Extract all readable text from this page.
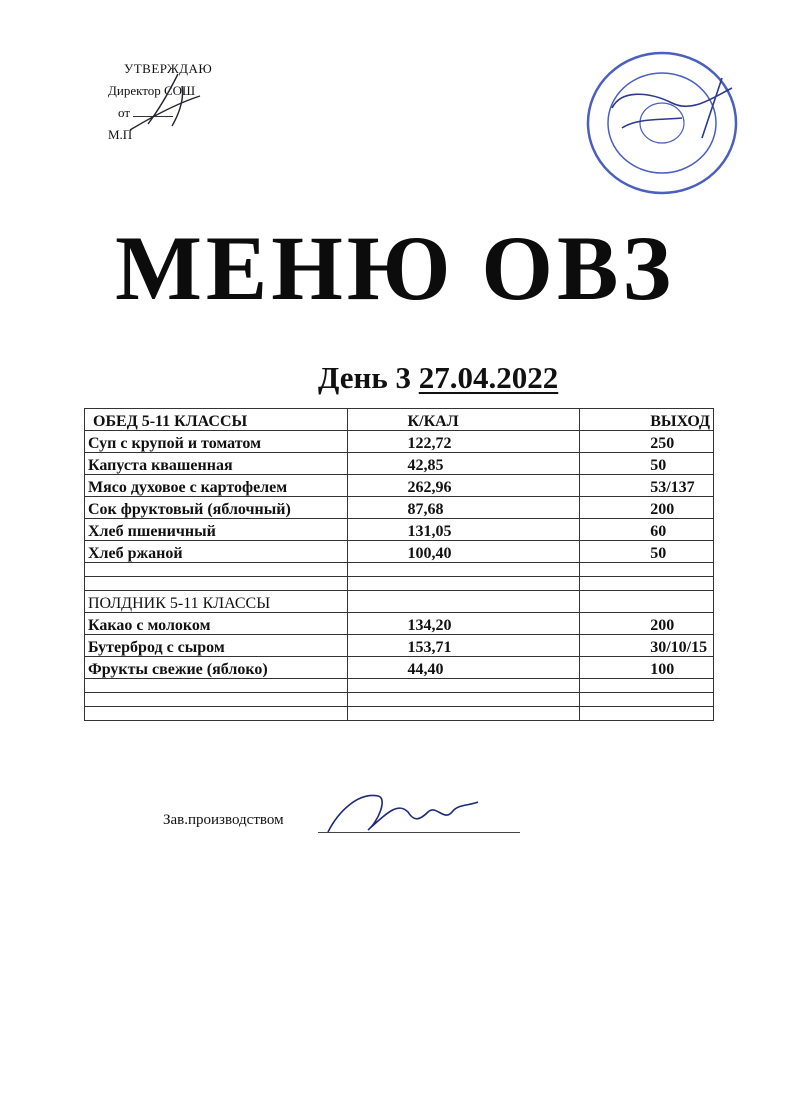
УТВЕРЖДАЮ
Директор СОШ
от
М.П
МЕНЮ ОВЗ
День 3 27.04.2022
ОБЕД 5-11 КЛАССЫ	К/КАЛ	ВЫХОД
Суп с крупой и томатом	122,72	250
Капуста квашенная	42,85	50
Мясо духовое с картофелем	262,96	53/137
Сок фруктовый (яблочный)	87,68	200
Хлеб пшеничный	131,05	60
Хлеб ржаной	100,40	50

ПОЛДНИК 5-11 КЛАССЫ		
Какао с молоком	134,20	200
Бутерброд с сыром	153,71	30/10/15
Фрукты свежие (яблоко)	44,40	100

Зав.производством
